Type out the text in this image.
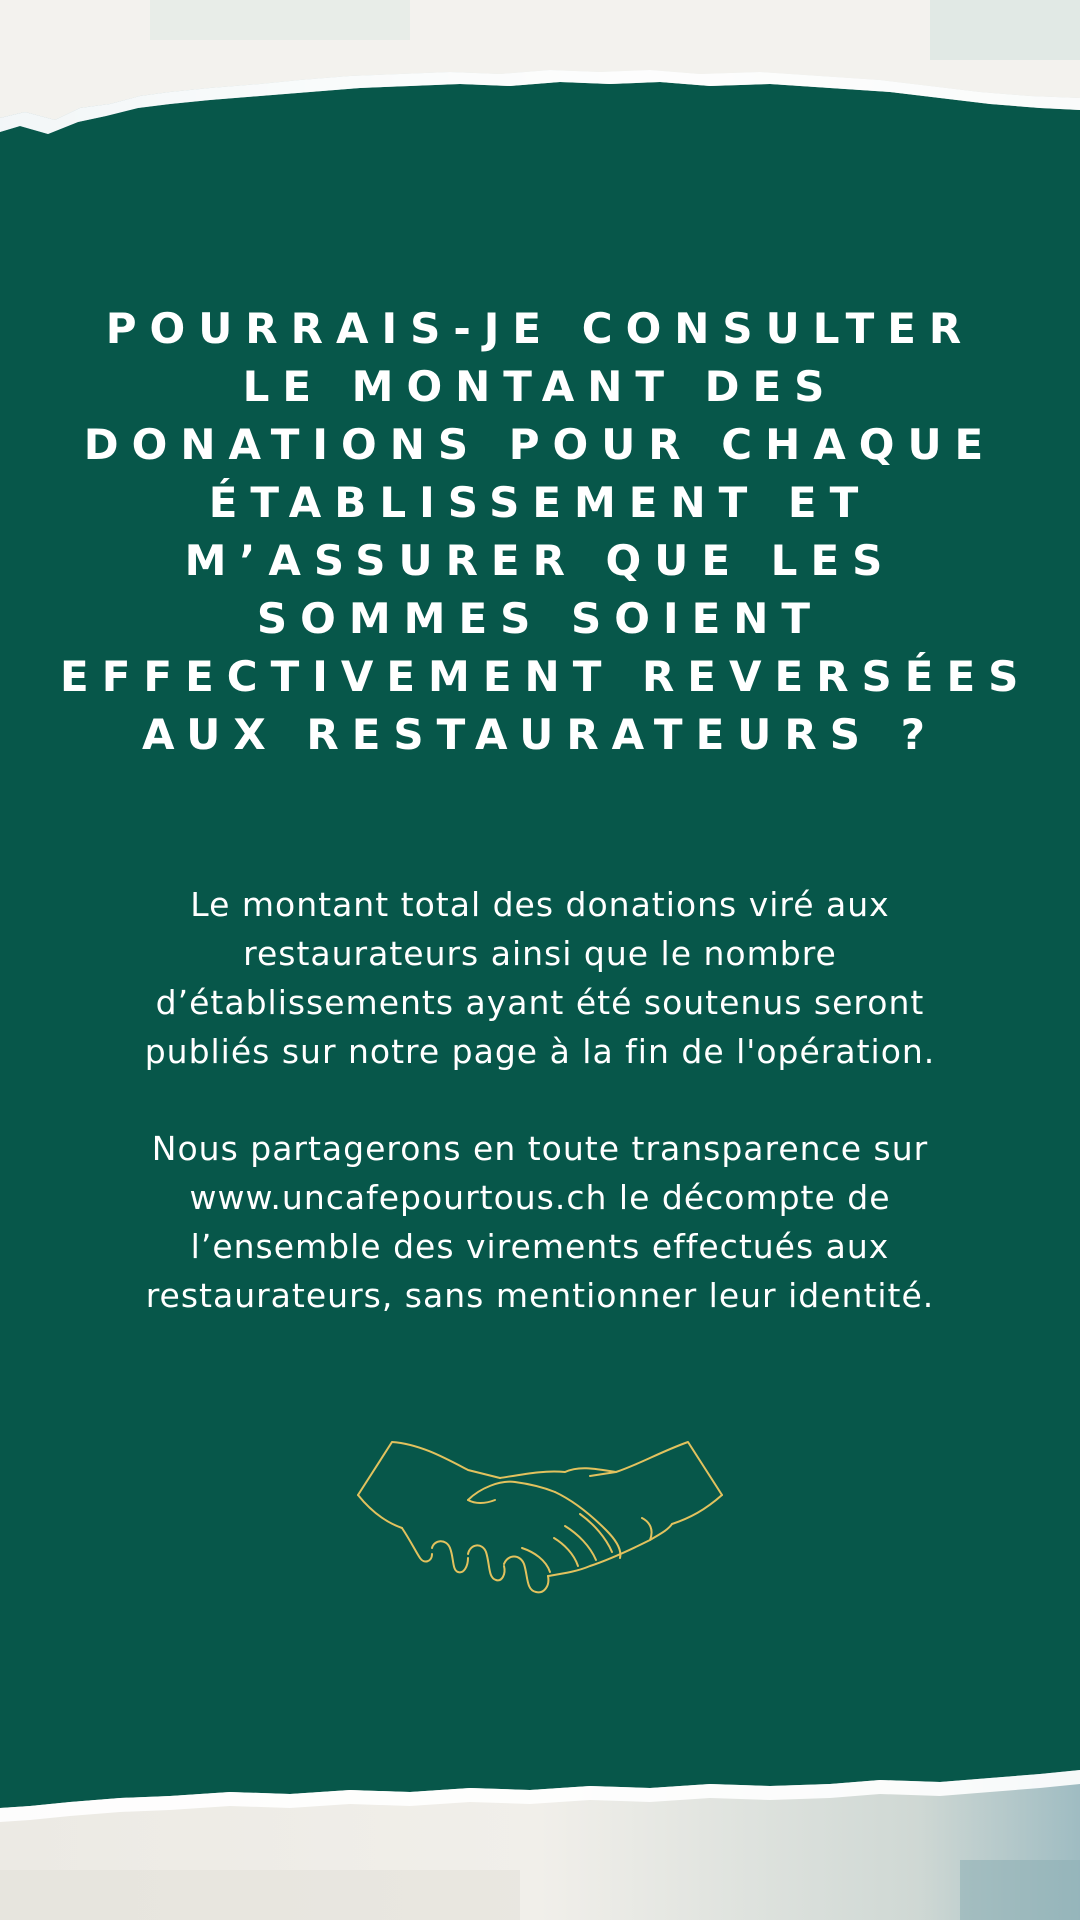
POURRAIS-JE CONSULTER
LE MONTANT DES
DONATIONS POUR CHAQUE
ÉTABLISSEMENT ET
M’ASSURER QUE LES
SOMMES SOIENT
EFFECTIVEMENT REVERSÉES
AUX RESTAURATEURS ?

Le montant total des donations viré aux
restaurateurs ainsi que le nombre
d’établissements ayant été soutenus seront
publiés sur notre page à la fin de l'opération.

Nous partagerons en toute transparence sur
www.uncafepourtous.ch le décompte de
l’ensemble des virements effectués aux
restaurateurs, sans mentionner leur identité.
